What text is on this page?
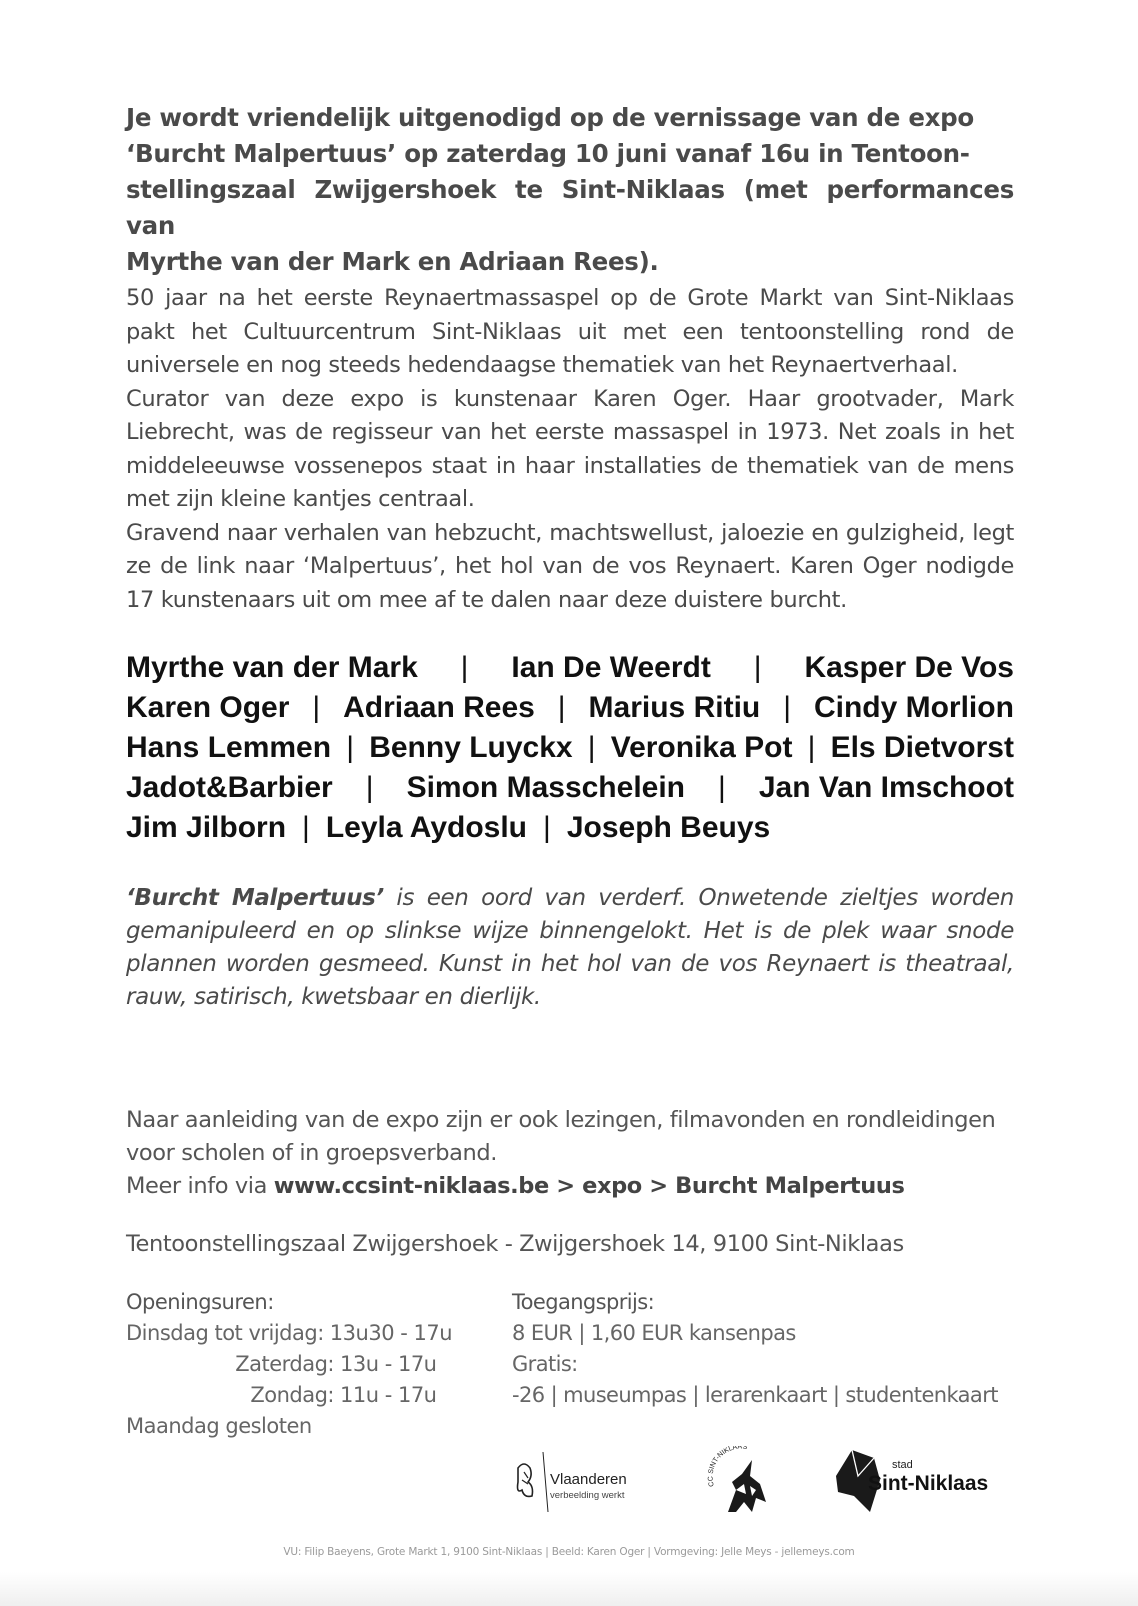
Je wordt vriendelijk uitgenodigd op de vernissage van de expo
‘Burcht Malpertuus’ op zaterdag 10 juni vanaf 16u in Tentoon-
stellingszaal Zwijgershoek te Sint-Niklaas (met performances van
Myrthe van der Mark en Adriaan Rees).

50 jaar na het eerste Reynaertmassaspel op de Grote Markt van Sint-Niklaas pakt het Cultuurcentrum Sint-Niklaas uit met een tentoonstelling rond de universele en nog steeds hedendaagse thematiek van het Reynaertverhaal.

Curator van deze expo is kunstenaar Karen Oger. Haar grootvader, Mark Liebrecht, was de regisseur van het eerste massaspel in 1973. Net zoals in het middeleeuwse vossenepos staat in haar installaties de thematiek van de mens met zijn kleine kantjes centraal.

Gravend naar verhalen van hebzucht, machtswellust, jaloezie en gulzigheid, legt ze de link naar ‘Malpertuus’, het hol van de vos Reynaert. Karen Oger nodigde 17 kunstenaars uit om mee af te dalen naar deze duistere burcht.

Myrthe van der Mark | Ian De Weerdt | Kasper De Vos
Karen Oger | Adriaan Rees | Marius Ritiu | Cindy Morlion
Hans Lemmen | Benny Luyckx | Veronika Pot | Els Dietvorst
Jadot&Barbier | Simon Masschelein | Jan Van Imschoot
Jim Jilborn | Leyla Aydoslu | Joseph Beuys
‘Burcht Malpertuus’ is een oord van verderf. Onwetende zieltjes worden gemanipuleerd en op slinkse wijze binnengelokt. Het is de plek waar snode plannen worden gesmeed. Kunst in het hol van de vos Reynaert is theatraal, rauw, satirisch, kwetsbaar en dierlijk.

Naar aanleiding van de expo zijn er ook lezingen, filmavonden en rondleidingen voor scholen of in groepsverband.

Meer info via www.ccsint-niklaas.be > expo > Burcht Malpertuus

Tentoonstellingszaal Zwijgershoek - Zwijgershoek 14, 9100 Sint-Niklaas
Openingsuren:
Dinsdag tot vrijdag: 13u30 - 17u
Zaterdag: 13u - 17u
Zondag: 11u - 17u
Maandag gesloten
Toegangsprijs:
8 EUR | 1,60 EUR kansenpas
Gratis:
-26 | museumpas | lerarenkaart | studentenkaart
Vlaanderen
verbeelding werkt
CC SINT-NIKLAAS
stad
Sint-Niklaas
VU: Filip Baeyens, Grote Markt 1, 9100 Sint-Niklaas | Beeld: Karen Oger | Vormgeving: Jelle Meys - jellemeys.com
